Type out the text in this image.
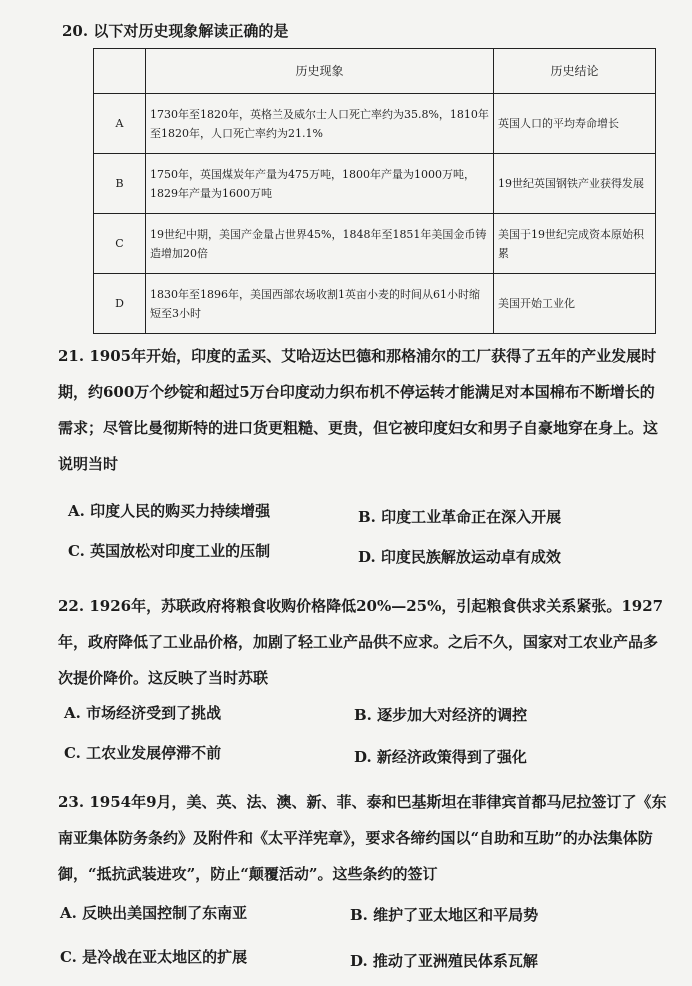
20. 以下对历史现象解读正确的是
	历史现象	历史结论
A	1730年至1820年，英格兰及威尔士人口死亡率约为35.8%，1810年至1820年，人口死亡率约为21.1%	英国人口的平均寿命增长
B	1750年，英国煤炭年产量为475万吨，1800年产量为1000万吨，1829年产量为1600万吨	19世纪英国钢铁产业获得发展
C	19世纪中期，美国产金量占世界45%，1848年至1851年美国金币铸造增加20倍	美国于19世纪完成资本原始积累
D	1830年至1896年，美国西部农场收割1英亩小麦的时间从61小时缩短至3小时	美国开始工业化
21. 1905年开始，印度的孟买、艾哈迈达巴德和那格浦尔的工厂获得了五年的产业发展时期，约600万个纱锭和超过5万台印度动力织布机不停运转才能满足对本国棉布不断增长的需求；尽管比曼彻斯特的进口货更粗糙、更贵，但它被印度妇女和男子自豪地穿在身上。这说明当时
A. 印度人民的购买力持续增强	B. 印度工业革命正在深入开展
C. 英国放松对印度工业的压制	D. 印度民族解放运动卓有成效
22. 1926年，苏联政府将粮食收购价格降低20%—25%，引起粮食供求关系紧张。1927年，政府降低了工业品价格，加剧了轻工业产品供不应求。之后不久，国家对工农业产品多次提价降价。这反映了当时苏联
A. 市场经济受到了挑战	B. 逐步加大对经济的调控
C. 工农业发展停滞不前	D. 新经济政策得到了强化
23. 1954年9月，美、英、法、澳、新、菲、泰和巴基斯坦在菲律宾首都马尼拉签订了《东南亚集体防务条约》及附件和《太平洋宪章》，要求各缔约国以“自助和互助”的办法集体防御，“抵抗武装进攻”，防止“颠覆活动”。这些条约的签订
A. 反映出美国控制了东南亚	B. 维护了亚太地区和平局势
C. 是冷战在亚太地区的扩展	D. 推动了亚洲殖民体系瓦解
